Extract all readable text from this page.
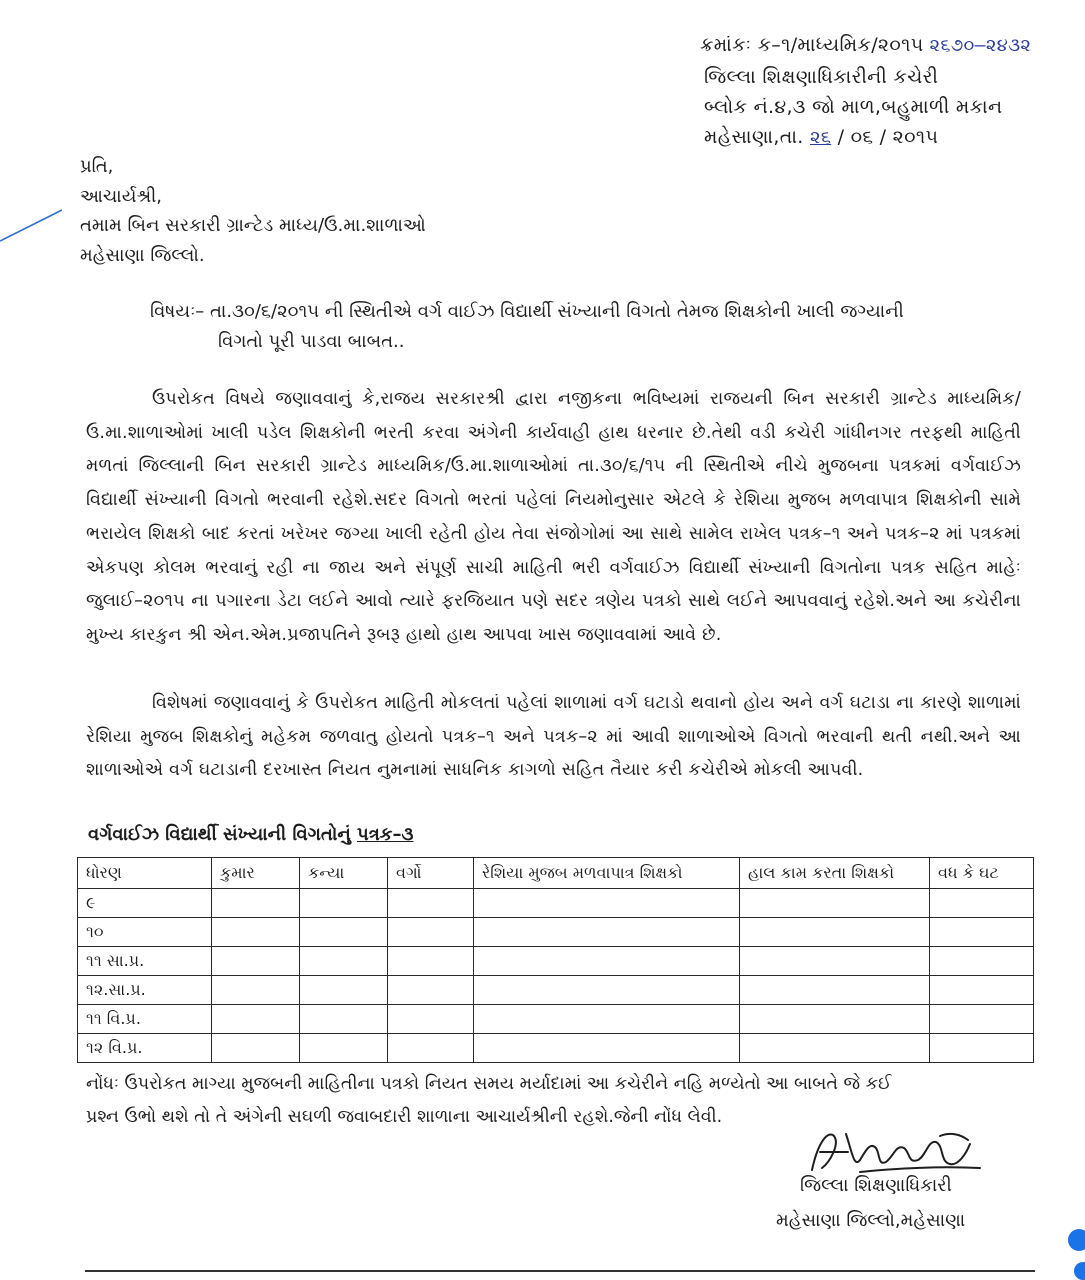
ક્રમાંકઃ ક–૧/માધ્યમિક/૨૦૧૫ ૨૬૭૦–૨૪૩૨
જિલ્લા શિક્ષણાધિકારીની કચેરી
બ્લોક નં.૪,૩ જો માળ,બહુમાળી મકાન
મહેસાણા,તા. ૨૬ / ૦૬ / ૨૦૧૫
પ્રતિ,
આચાર્યશ્રી,
તમામ બિન સરકારી ગ્રાન્ટેડ માધ્ય/ઉ.મા.શાળાઓ
મહેસાણા જિલ્લો.
વિષયઃ– તા.૩૦/૬/૨૦૧૫ ની સ્થિતીએ વર્ગ વાઈઝ વિદ્યાર્થી સંખ્યાની વિગતો તેમજ શિક્ષકોની ખાલી જગ્યાની
વિગતો પૂરી પાડવા બાબત..
ઉપરોકત વિષયે જણાવવાનું કે,રાજય સરકારશ્રી દ્વારા નજીકના ભવિષ્યમાં રાજયની બિન સરકારી ગ્રાન્ટેડ માધ્યમિક/ઉ.મા.શાળાઓમાં ખાલી પડેલ શિક્ષકોની ભરતી કરવા અંગેની કાર્યવાહી હાથ ધરનાર છે.તેથી વડી કચેરી ગાંધીનગર તરફથી માહિતી મળતાં જિલ્લાની બિન સરકારી ગ્રાન્ટેડ માધ્યમિક/ઉ.મા.શાળાઓમાં તા.૩૦/૬/૧૫ ની સ્થિતીએ નીચે મુજબના પત્રકમાં વર્ગવાઈઝ વિદ્યાર્થી સંખ્યાની વિગતો ભરવાની રહેશે.સદર વિગતો ભરતાં પહેલાં નિયમોનુસાર એટલે કે રેશિયા મુજબ મળવાપાત્ર શિક્ષકોની સામે ભરાયેલ શિક્ષકો બાદ કરતાં ખરેખર જગ્યા ખાલી રહેતી હોય તેવા સંજોગોમાં આ સાથે સામેલ રાખેલ પત્રક–૧ અને પત્રક–૨ માં પત્રકમાં એકપણ કોલમ ભરવાનું રહી ના જાય અને સંપૂર્ણ સાચી માહિતી ભરી વર્ગવાઈઝ વિદ્યાર્થી સંખ્યાની વિગતોના પત્રક સહિત માહેઃ જુલાઈ–૨૦૧૫ ના પગારના ડેટા લઈને આવો ત્યારે ફરજિયાત પણે સદર ત્રણેય પત્રકો સાથે લઈને આપવવાનું રહેશે.અને આ કચેરીના મુખ્ય કારકુન શ્રી એન.એમ.પ્રજાપતિને રૂબરૂ હાથો હાથ આપવા ખાસ જણાવવામાં આવે છે.
વિશેષમાં જણાવવાનું કે ઉપરોકત માહિતી મોકલતાં પહેલાં શાળામાં વર્ગ ઘટાડો થવાનો હોય અને વર્ગ ઘટાડા ના કારણે શાળામાં રેશિયા મુજબ શિક્ષકોનું મહેકમ જળવાતુ હોયતો પત્રક–૧ અને પત્રક–૨ માં આવી શાળાઓએ વિગતો ભરવાની થતી નથી.અને આ શાળાઓએ વર્ગ ઘટાડાની દરખાસ્ત નિયત નુમનામાં સાધનિક કાગળો સહિત તૈયાર કરી કચેરીએ મોકલી આપવી.
વર્ગવાઈઝ વિદ્યાર્થી સંખ્યાની વિગતોનું પત્રક–૩
ધોરણ	કુમાર	કન્યા	વર્ગો	રેશિયા મુજબ મળવાપાત્ર શિક્ષકો	હાલ કામ કરતા શિક્ષકો	વધ કે ઘટ
૯						
૧૦						
૧૧ સા.પ્ર.						
૧૨.સા.પ્ર.						
૧૧ વિ.પ્ર.						
૧૨ વિ.પ્ર.						
નોંધઃ ઉપરોકત માગ્યા મુજબની માહિતીના પત્રકો નિયત સમય મર્યાદામાં આ કચેરીને નહિ મળ્યેતો આ બાબતે જે કઈ
પ્રશ્ન ઉભો થશે તો તે અંગેની સઘળી જવાબદારી શાળાના આચાર્યશ્રીની રહશે.જેની નોંધ લેવી.
જિલ્લા શિક્ષણાધિકારી
મહેસાણા જિલ્લો,મહેસાણા
